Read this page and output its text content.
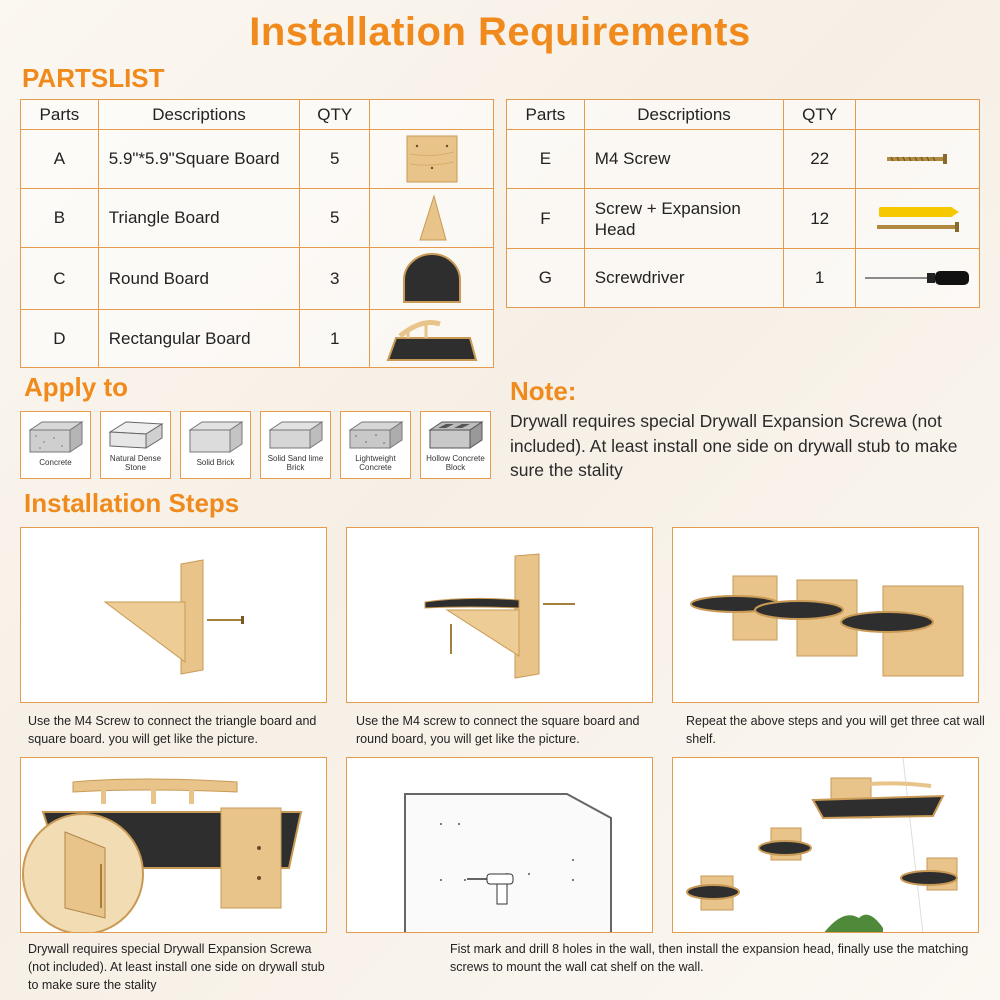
Installation Requirements
PARTSLIST
Parts	Descriptions	QTY	
A	5.9"*5.9"Square Board	5	

B	Triangle Board	5	

C	Round Board	3	

D	Rectangular Board	1	
Parts	Descriptions	QTY	
E	M4 Screw	22	

F	Screw + Expansion Head	12	

G	Screwdriver	1	
Apply to
Concrete	Natural Dense Stone
Solid Brick	Solid Sand lime Brick
Lightweight Concrete
Hollow Concrete Block
Note:
Drywall requires special Drywall Expansion Screwa (not included). At least install one side on drywall stub to make sure the stality
Installation Steps
Use the M4 Screw to connect the triangle board and square board. you will get like the picture.
Use the M4 screw to connect the square board and round board, you will get like the picture.
Repeat the above steps and you will get three cat wall shelf.
Drywall requires special Drywall Expansion Screwa (not included). At least install one side on drywall stub to make sure the stality
Fist mark and drill 8 holes in the wall, then install the expansion head, finally use the matching screws to mount the wall cat shelf on the wall.
